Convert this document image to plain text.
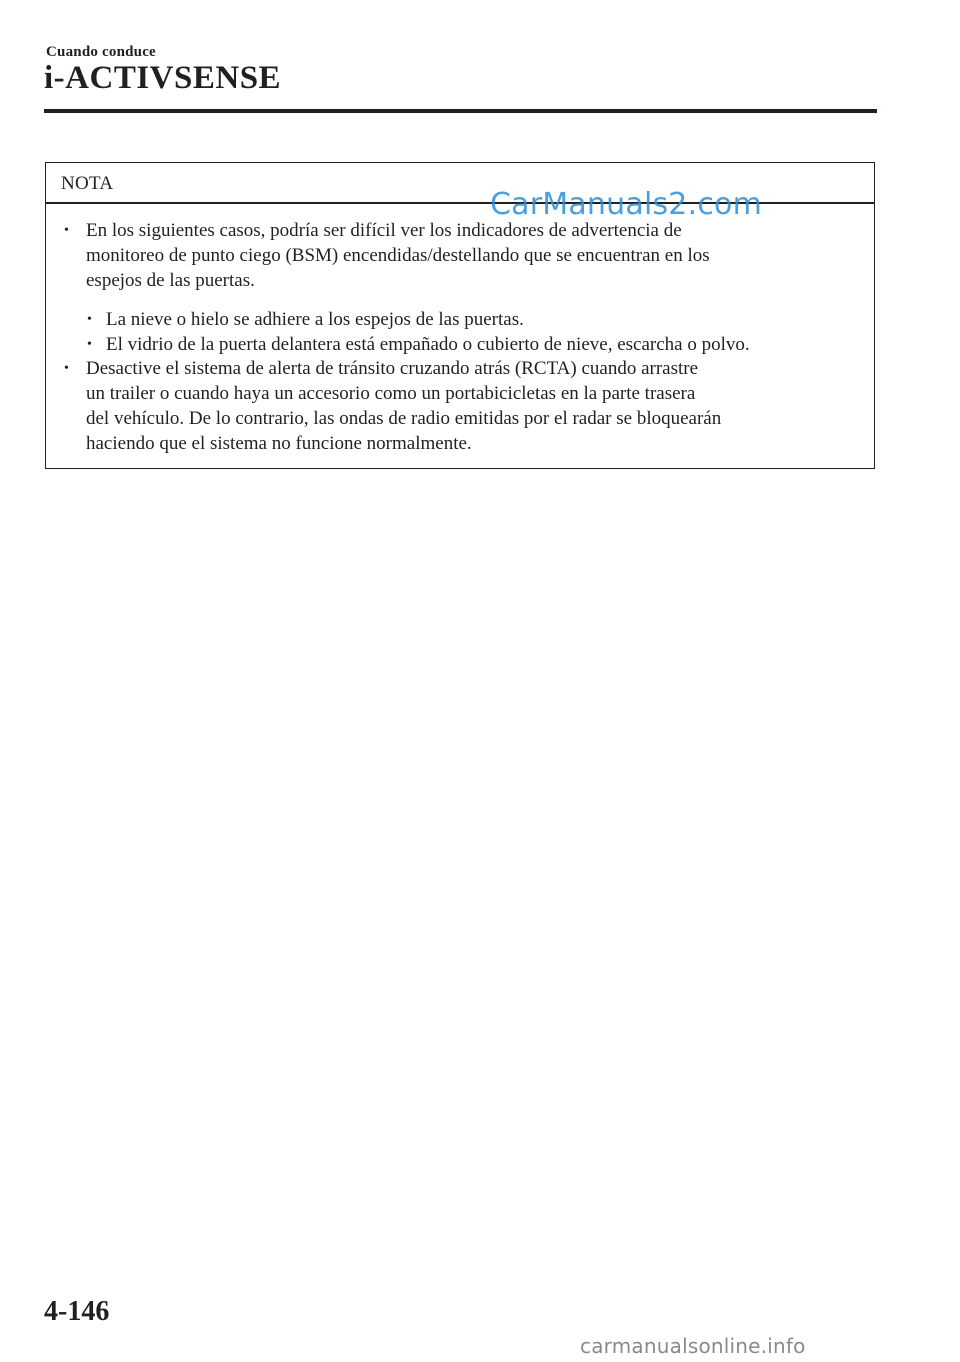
Cuando conduce
i-ACTIVSENSE
NOTA
CarManuals2.com
• En los siguientes casos, podría ser difícil ver los indicadores de advertencia de
monitoreo de punto ciego (BSM) encendidas/destellando que se encuentran en los
espejos de las puertas.
• La nieve o hielo se adhiere a los espejos de las puertas.
• El vidrio de la puerta delantera está empañado o cubierto de nieve, escarcha o polvo.
• Desactive el sistema de alerta de tránsito cruzando atrás (RCTA) cuando arrastre
un trailer o cuando haya un accesorio como un portabicicletas en la parte trasera
del vehículo. De lo contrario, las ondas de radio emitidas por el radar se bloquearán
haciendo que el sistema no funcione normalmente.
4-146
carmanualsonline.info
